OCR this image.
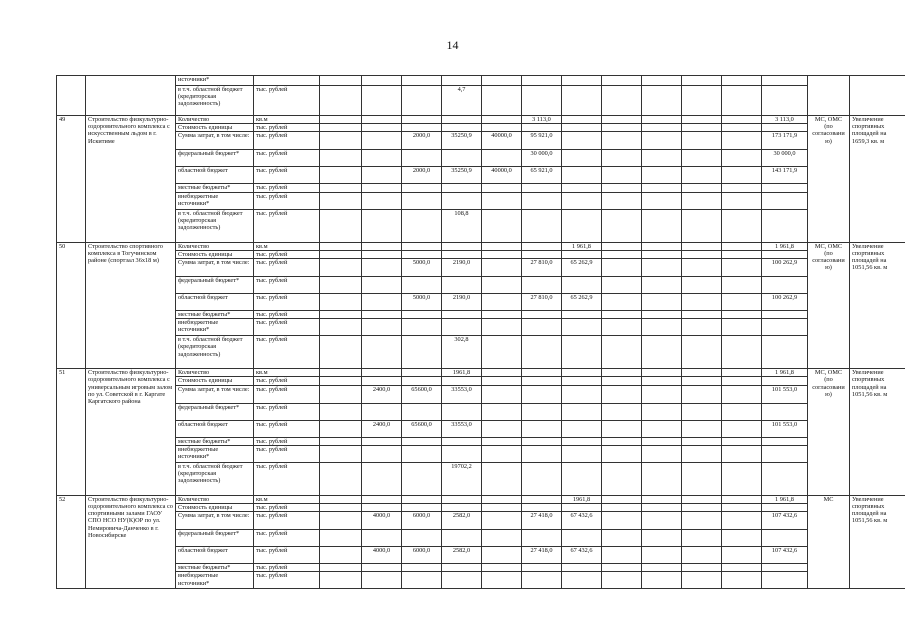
14
		источники*															
		в т.ч. областной бюджет (кредиторская задолженность)	тыс. рублей				4,7										
49	Строительство физкультурно-оздоровительного комплекса с искусственным льдом в г. Искитиме	Количество	кв.м						3 113,0						3 113,0	МС, ОМС (по согласованию)	Увеличение спортивных площадей на 1659,3 кв. м
		Стоимость единицы	тыс. рублей														
		Сумма затрат, в том числе:	тыс. рублей			2000,0	35250,9	40000,0	95 921,0						173 171,9		
		федеральный бюджет*	тыс. рублей						30 000,0						30 000,0		
		областной бюджет	тыс. рублей			2000,0	35250,9	40000,0	65 921,0						143 171,9		
		местные бюджеты*	тыс. рублей														
		внебюджетные источники*	тыс. рублей														
		в т.ч. областной бюджет (кредиторская задолженность)	тыс. рублей				108,8										
50	Строительство спортивного комплекса в Тогучинском районе (спортзал 36х18 м)	Количество	кв.м							1 961,8					1 961,8	МС, ОМС (по согласованию)	Увеличение спортивных площадей на 1051,56 кв. м
		Стоимость единицы	тыс. рублей														
		Сумма затрат, в том числе:	тыс. рублей			5000,0	2190,0		27 810,0	65 262,9					100 262,9		
		федеральный бюджет*	тыс. рублей														
		областной бюджет	тыс. рублей			5000,0	2190,0		27 810,0	65 262,9					100 262,9		
		местные бюджеты*	тыс. рублей														
		внебюджетные источники*	тыс. рублей														
		в т.ч. областной бюджет (кредиторская задолженность)	тыс. рублей				302,8										
51	Строительство физкультурно-оздоровительного комплекса с универсальным игровым залом по ул. Советской в г. Каргате Каргатского района	Количество	кв.м				1961,8								1 961,8	МС, ОМС (по согласованию)	Увеличение спортивных площадей на 1051,56 кв. м
		Стоимость единицы	тыс. рублей														
		Сумма затрат, в том числе:	тыс. рублей		2400,0	65600,0	33553,0								101 553,0		
		федеральный бюджет*	тыс. рублей														
		областной бюджет	тыс. рублей		2400,0	65600,0	33553,0								101 553,0		
		местные бюджеты*	тыс. рублей														
		внебюджетные источники*	тыс. рублей														
		в т.ч. областной бюджет (кредиторская задолженность)	тыс. рублей				19702,2										
52	Строительство физкультурно-оздоровительного комплекса со спортивными залами ГАОУ СПО НСО НУ(К)ОР по ул. Немировича-Данченко в г. Новосибирске	Количество	кв.м							1961,8					1 961,8	МС	Увеличение спортивных площадей на 1051,56 кв. м
		Стоимость единицы	тыс. рублей														
		Сумма затрат, в том числе:	тыс. рублей		4000,0	6000,0	2582,0		27 418,0	67 432,6					107 432,6		
		федеральный бюджет*	тыс. рублей														
		областной бюджет	тыс. рублей		4000,0	6000,0	2582,0		27 418,0	67 432,6					107 432,6		
		местные бюджеты*	тыс. рублей														
		внебюджетные источники*	тыс. рублей														
